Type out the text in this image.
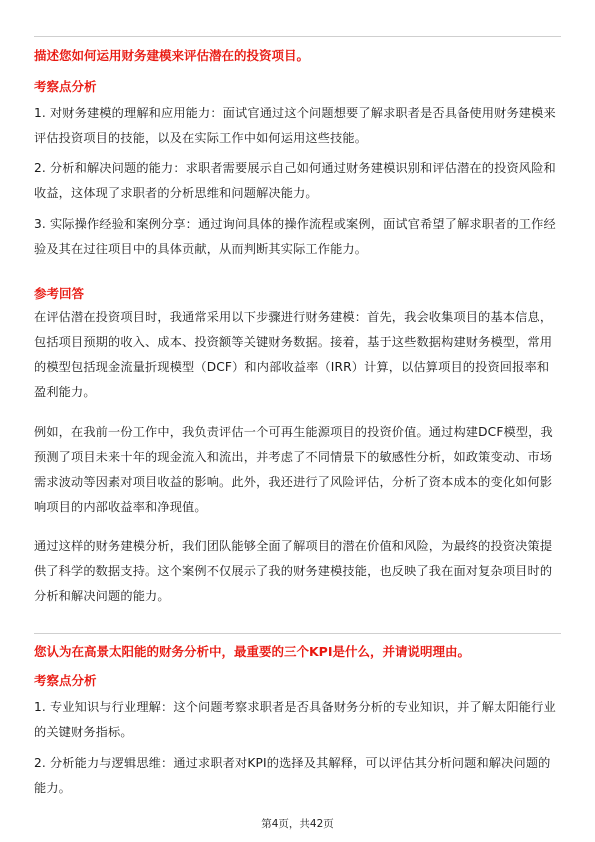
描述您如何运用财务建模来评估潜在的投资项目。
考察点分析

1. 对财务建模的理解和应用能力：面试官通过这个问题想要了解求职者是否具备使用财务建模来评估投资项目的技能，以及在实际工作中如何运用这些技能。

2. 分析和解决问题的能力：求职者需要展示自己如何通过财务建模识别和评估潜在的投资风险和收益，这体现了求职者的分析思维和问题解决能力。

3. 实际操作经验和案例分享：通过询问具体的操作流程或案例，面试官希望了解求职者的工作经验及其在过往项目中的具体贡献，从而判断其实际工作能力。

参考回答

在评估潜在投资项目时，我通常采用以下步骤进行财务建模：首先，我会收集项目的基本信息，包括项目预期的收入、成本、投资额等关键财务数据。接着，基于这些数据构建财务模型，常用的模型包括现金流量折现模型（DCF）和内部收益率（IRR）计算，以估算项目的投资回报率和盈利能力。

例如，在我前一份工作中，我负责评估一个可再生能源项目的投资价值。通过构建DCF模型，我预测了项目未来十年的现金流入和流出，并考虑了不同情景下的敏感性分析，如政策变动、市场需求波动等因素对项目收益的影响。此外，我还进行了风险评估，分析了资本成本的变化如何影响项目的内部收益率和净现值。

通过这样的财务建模分析，我们团队能够全面了解项目的潜在价值和风险，为最终的投资决策提供了科学的数据支持。这个案例不仅展示了我的财务建模技能，也反映了我在面对复杂项目时的分析和解决问题的能力。

您认为在高景太阳能的财务分析中，最重要的三个KPI是什么，并请说明理由。
考察点分析

1. 专业知识与行业理解：这个问题考察求职者是否具备财务分析的专业知识，并了解太阳能行业的关键财务指标。

2. 分析能力与逻辑思维：通过求职者对KPI的选择及其解释，可以评估其分析问题和解决问题的能力。

第4页，共42页
